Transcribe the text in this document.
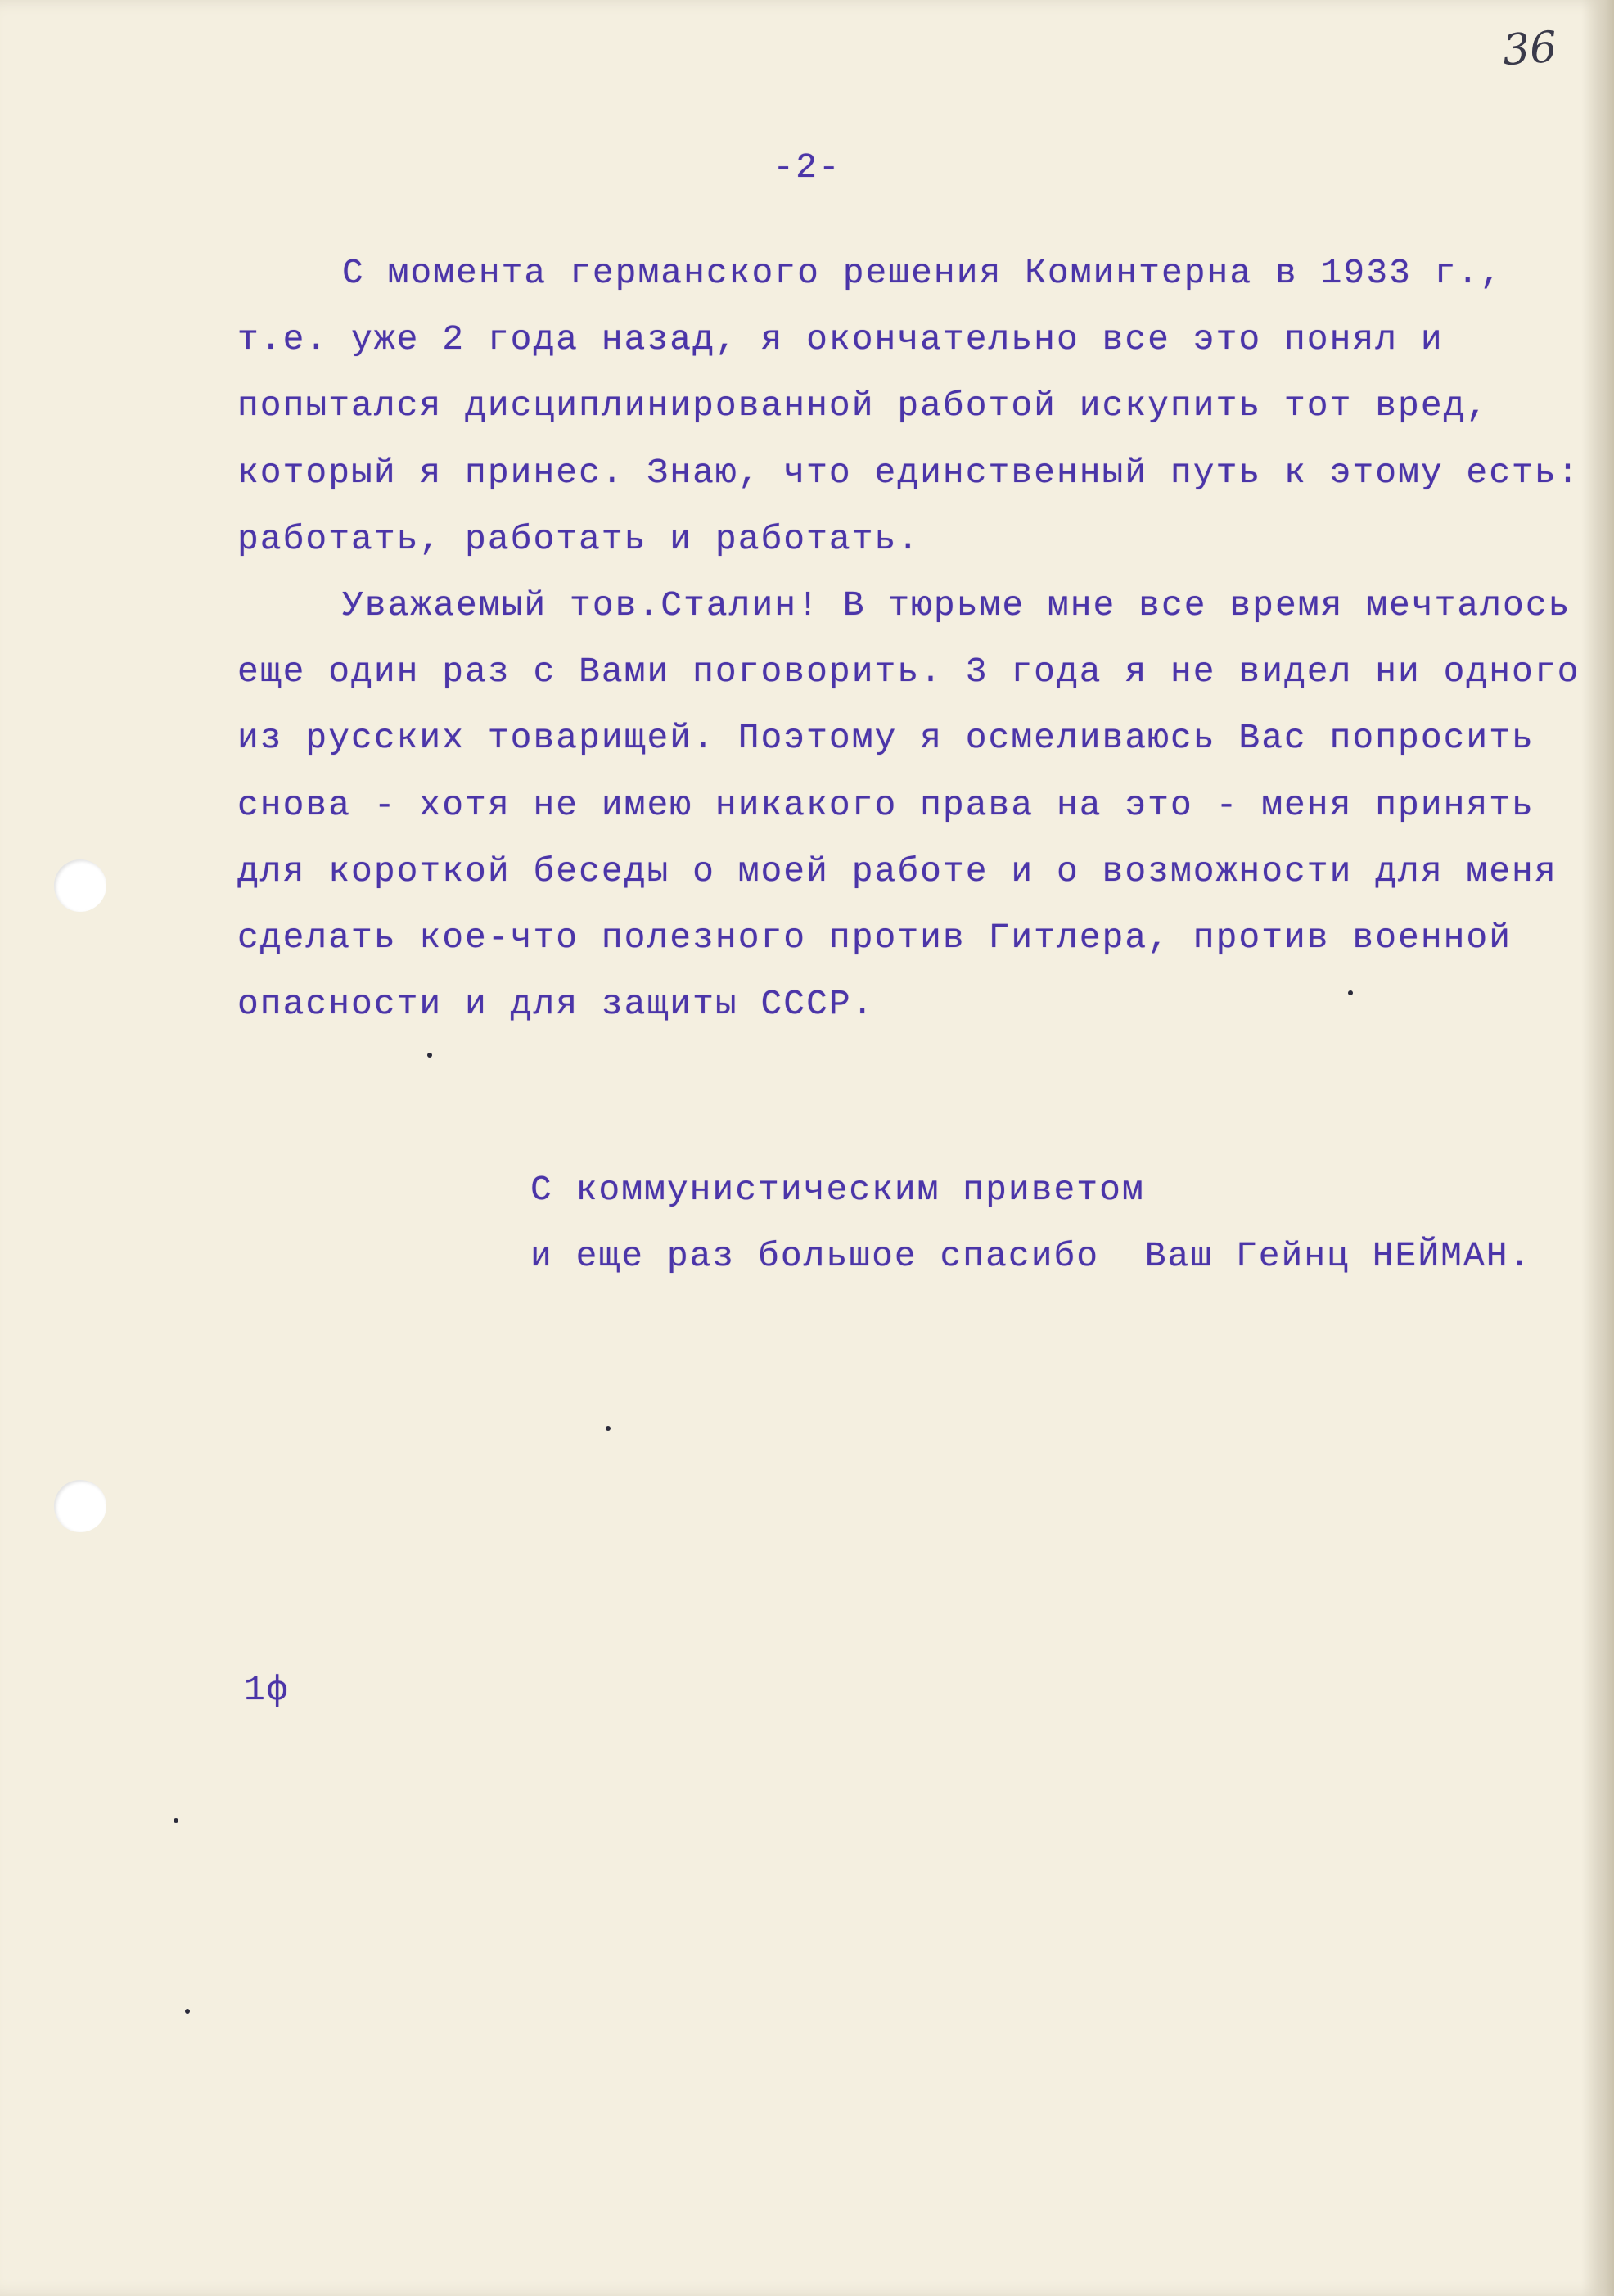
36
-2-
С момента германского решения Коминтерна в 1933 г.,
т.е. уже 2 года назад, я окончательно все это понял и
попытался дисциплинированной работой искупить тот вред,
который я принес. Знаю, что единственный путь к этому есть:
работать, работать и работать.
Уважаемый тов.Сталин! В тюрьме мне все время мечталось
еще один раз с Вами поговорить. 3 года я не видел ни одного
из русских товарищей. Поэтому я осмеливаюсь Вас попросить
снова - хотя не имею никакого права на это - меня принять
для короткой беседы о моей работе и о возможности для меня
сделать кое-что полезного против Гитлера, против военной
опасности и для защиты СССР.
С коммунистическим приветом
и еще раз большое спасибо  Ваш Гейнц НЕЙМАН.
1ф
